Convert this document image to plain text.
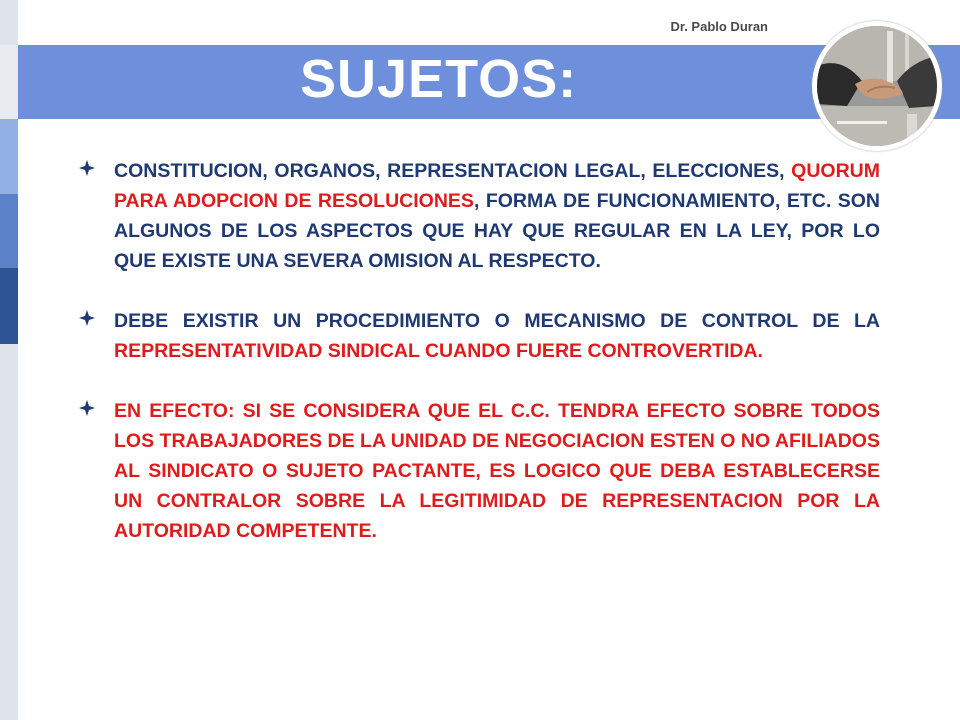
Dr. Pablo Duran
SUJETOS:
CONSTITUCION, ORGANOS, REPRESENTACION LEGAL, ELECCIONES, QUORUM PARA ADOPCION DE RESOLUCIONES, FORMA DE FUNCIONAMIENTO, ETC. SON ALGUNOS DE LOS ASPECTOS QUE HAY QUE REGULAR EN LA LEY, POR LO QUE EXISTE UNA SEVERA OMISION AL RESPECTO.
DEBE EXISTIR UN PROCEDIMIENTO O MECANISMO DE CONTROL DE LA REPRESENTATIVIDAD SINDICAL CUANDO FUERE CONTROVERTIDA.
EN EFECTO: SI SE CONSIDERA QUE EL C.C. TENDRA EFECTO SOBRE TODOS LOS TRABAJADORES DE LA UNIDAD DE NEGOCIACION ESTEN O NO AFILIADOS AL SINDICATO O SUJETO PACTANTE, ES LOGICO QUE DEBA ESTABLECERSE UN CONTRALOR SOBRE LA LEGITIMIDAD DE REPRESENTACION POR LA AUTORIDAD COMPETENTE.
